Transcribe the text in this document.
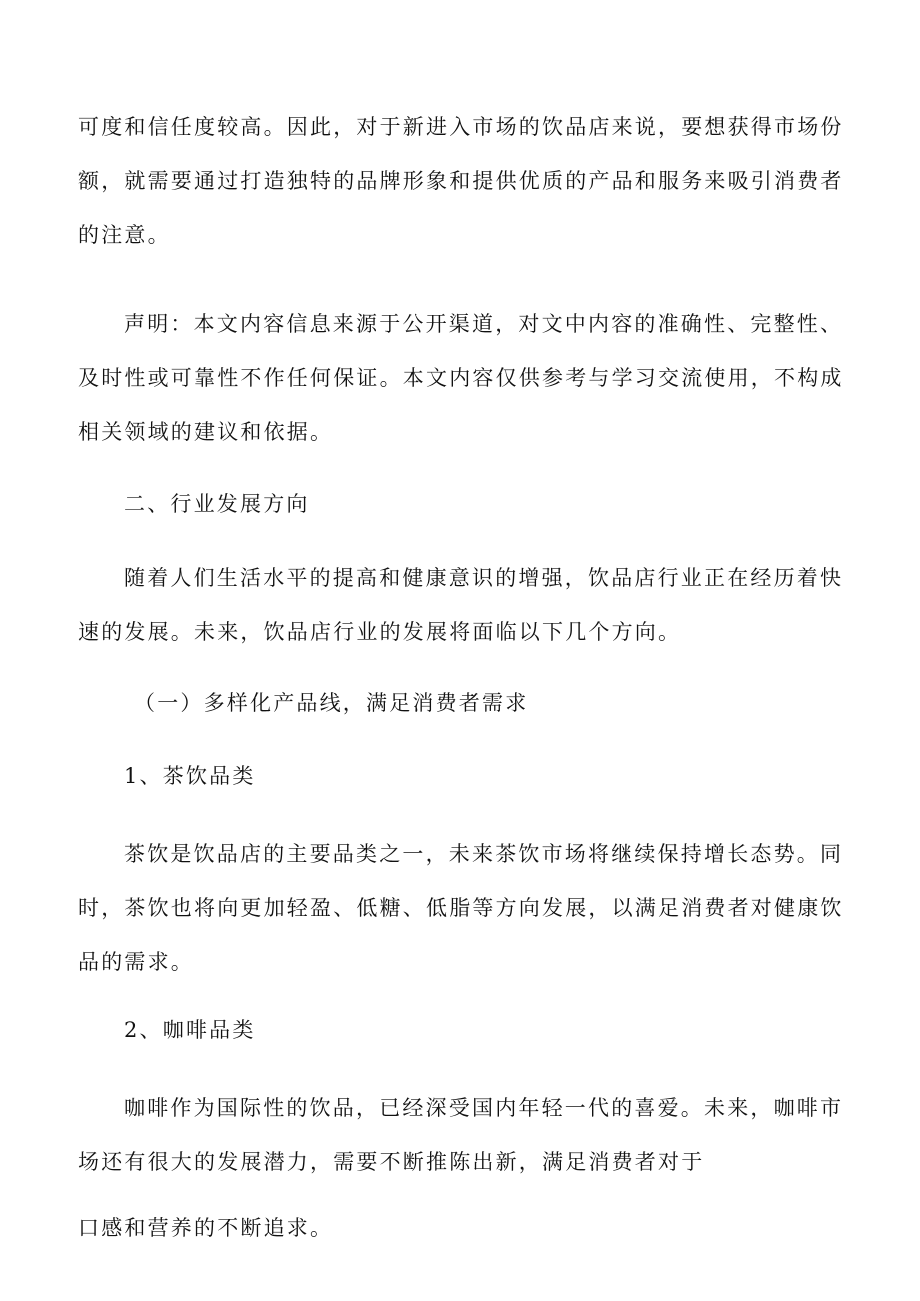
可度和信任度较高。因此，对于新进入市场的饮品店来说，要想获得市场份
额，就需要通过打造独特的品牌形象和提供优质的产品和服务来吸引消费者
的注意。
声明：本文内容信息来源于公开渠道，对文中内容的准确性、完整性、
及时性或可靠性不作任何保证。本文内容仅供参考与学习交流使用，不构成
相关领域的建议和依据。
二、行业发展方向
随着人们生活水平的提高和健康意识的增强，饮品店行业正在经历着快
速的发展。未来，饮品店行业的发展将面临以下几个方向。
（一）多样化产品线，满足消费者需求
1、茶饮品类
茶饮是饮品店的主要品类之一，未来茶饮市场将继续保持增长态势。同
时，茶饮也将向更加轻盈、低糖、低脂等方向发展，以满足消费者对健康饮
品的需求。
2、咖啡品类
咖啡作为国际性的饮品，已经深受国内年轻一代的喜爱。未来，咖啡市
场还有很大的发展潜力，需要不断推陈出新，满足消费者对于
口感和营养的不断追求。
